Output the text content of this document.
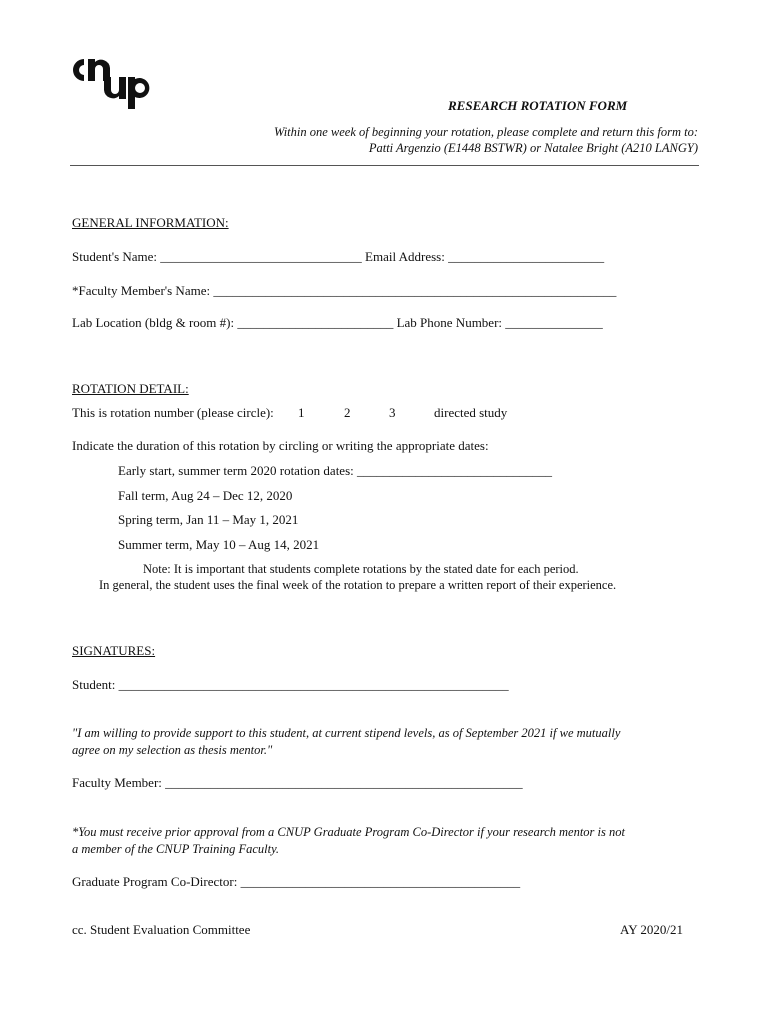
RESEARCH ROTATION FORM
Within one week of beginning your rotation, please complete and return this form to:
Patti Argenzio (E1448 BSTWR) or Natalee Bright (A210 LANGY)
GENERAL INFORMATION:
Student's Name: _______________________________ Email Address: ________________________
*Faculty Member's Name: ______________________________________________________________
Lab Location (bldg & room #): ________________________ Lab Phone Number: _______________
ROTATION DETAIL:
This is rotation number (please circle): 1	2	3	directed study
Indicate the duration of this rotation by circling or writing the appropriate dates:
Early start, summer term 2020 rotation dates: ______________________________
Fall term, Aug 24 – Dec 12, 2020
Spring term, Jan 11 – May 1, 2021
Summer term, May 10 – Aug 14, 2021
Note: It is important that students complete rotations by the stated date for each period.
In general, the student uses the final week of the rotation to prepare a written report of their experience.
SIGNATURES:
Student: ____________________________________________________________
"I am willing to provide support to this student, at current stipend levels, as of September 2021 if we mutually
agree on my selection as thesis mentor."
Faculty Member: _______________________________________________________
*You must receive prior approval from a CNUP Graduate Program Co-Director if your research mentor is not
a member of the CNUP Training Faculty.
Graduate Program Co-Director: ___________________________________________
cc. Student Evaluation Committee	AY 2020/21
